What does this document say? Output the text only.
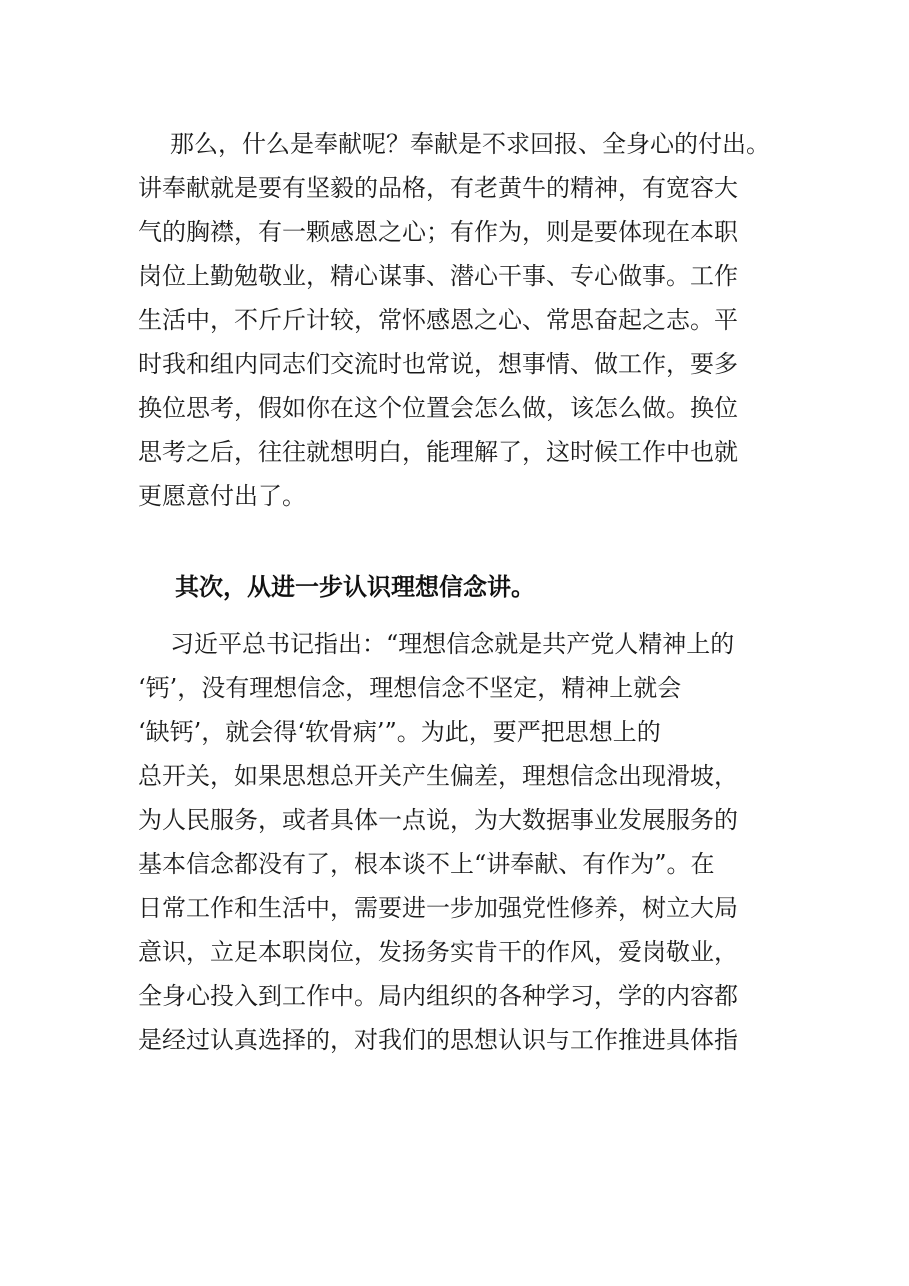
那么，什么是奉献呢？奉献是不求回报、全身心的付出。
讲奉献就是要有坚毅的品格，有老黄牛的精神，有宽容大
气的胸襟，有一颗感恩之心；有作为，则是要体现在本职
岗位上勤勉敬业，精心谋事、潜心干事、专心做事。工作
生活中，不斤斤计较，常怀感恩之心、常思奋起之志。平
时我和组内同志们交流时也常说，想事情、做工作，要多
换位思考，假如你在这个位置会怎么做，该怎么做。换位
思考之后，往往就想明白，能理解了，这时候工作中也就
更愿意付出了。
其次，从进一步认识理想信念讲。
习近平总书记指出：“理想信念就是共产党人精神上的
‘钙’，没有理想信念，理想信念不坚定，精神上就会
‘缺钙’，就会得‘软骨病’”。为此，要严把思想上的
总开关，如果思想总开关产生偏差，理想信念出现滑坡，
为人民服务，或者具体一点说，为大数据事业发展服务的
基本信念都没有了，根本谈不上“讲奉献、有作为”。在
日常工作和生活中，需要进一步加强党性修养，树立大局
意识，立足本职岗位，发扬务实肯干的作风，爱岗敬业，
全身心投入到工作中。局内组织的各种学习，学的内容都
是经过认真选择的，对我们的思想认识与工作推进具体指
